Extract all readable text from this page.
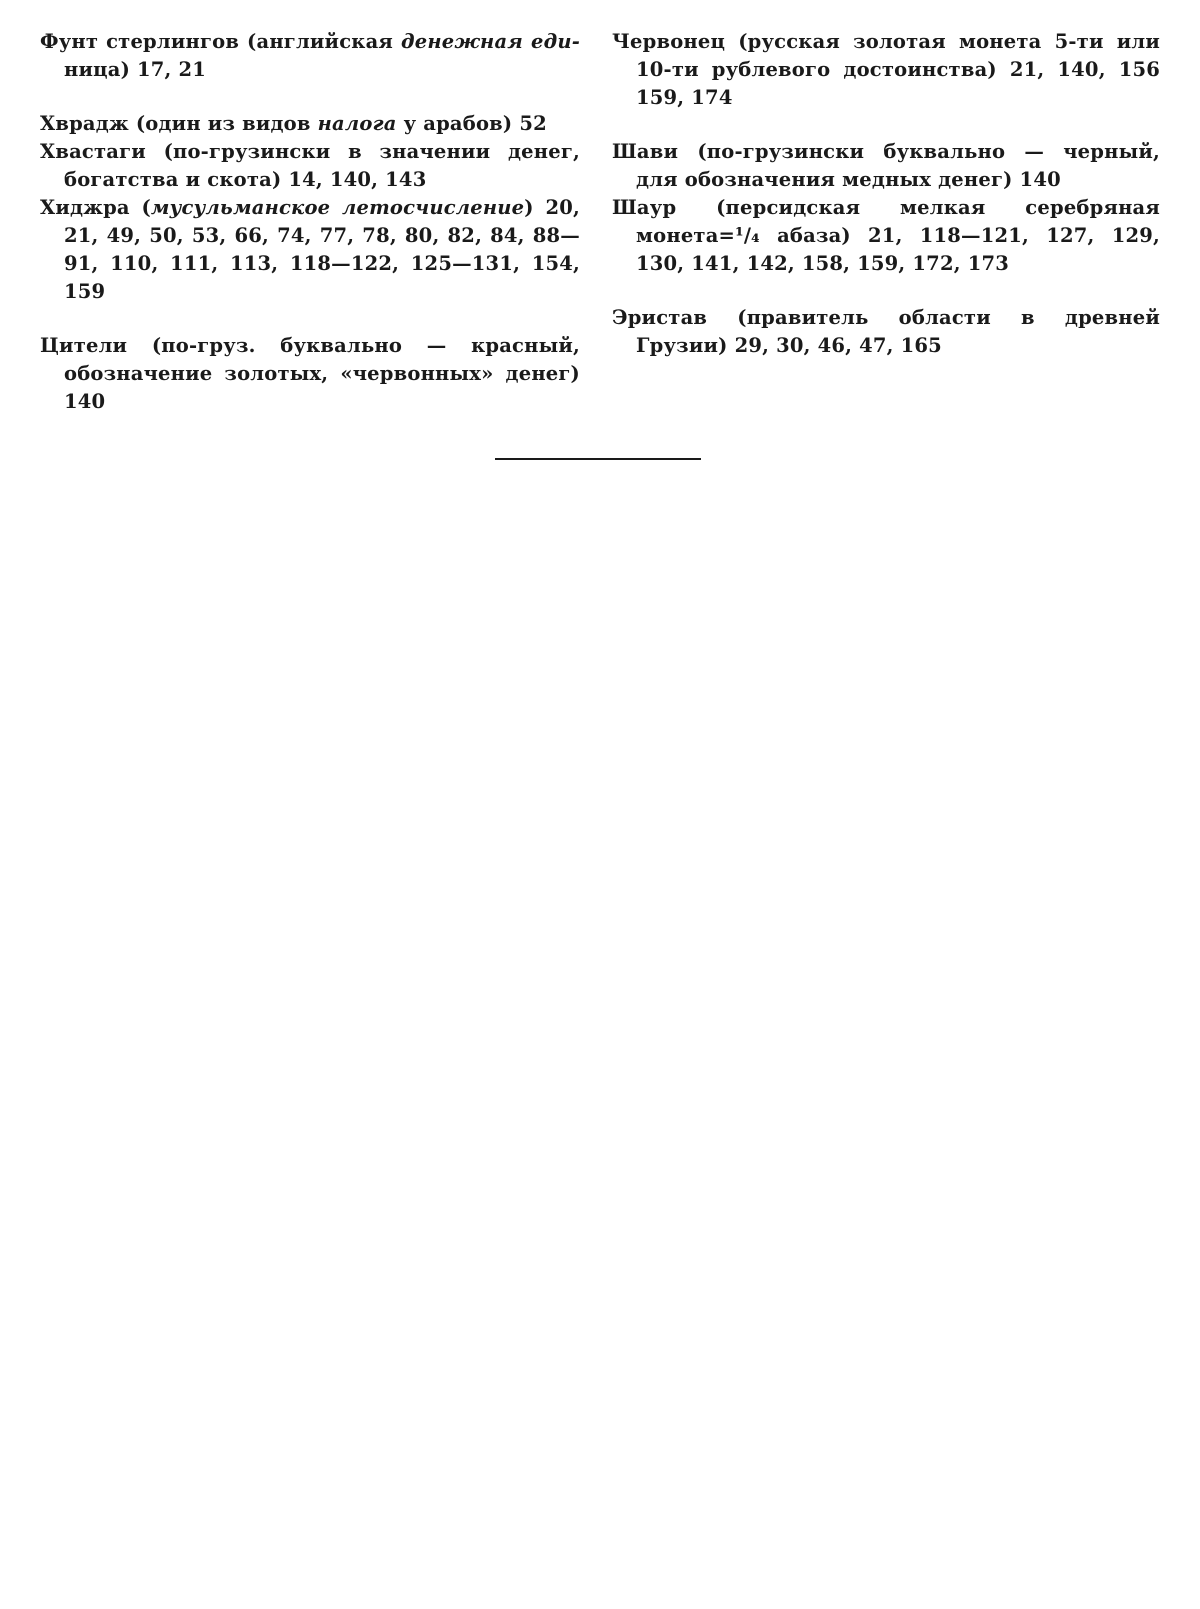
Фунт стерлингов (английская денежная еди-ница) 17, 21

Хврадж (один из видов налога у арабов) 52

Хвастаги (по-грузински в значении денег, богатства и скота) 14, 140, 143

Хиджра (мусульманское летосчисление) 20, 21, 49, 50, 53, 66, 74, 77, 78, 80, 82, 84, 88—91, 110, 111, 113, 118—122, 125—131, 154, 159

Цители (по-груз. буквально — красный, обозначение золотых, «червонных» денег) 140

Червонец (русская золотая монета 5-ти или 10-ти рублевого достоинства) 21, 140, 156 159, 174

Шави (по-грузински буквально — черный, для обозначения медных денег) 140

Шаур (персидская мелкая серебряная монета=¹/₄ абаза) 21, 118—121, 127, 129, 130, 141, 142, 158, 159, 172, 173

Эристав (правитель области в древней Грузии) 29, 30, 46, 47, 165
